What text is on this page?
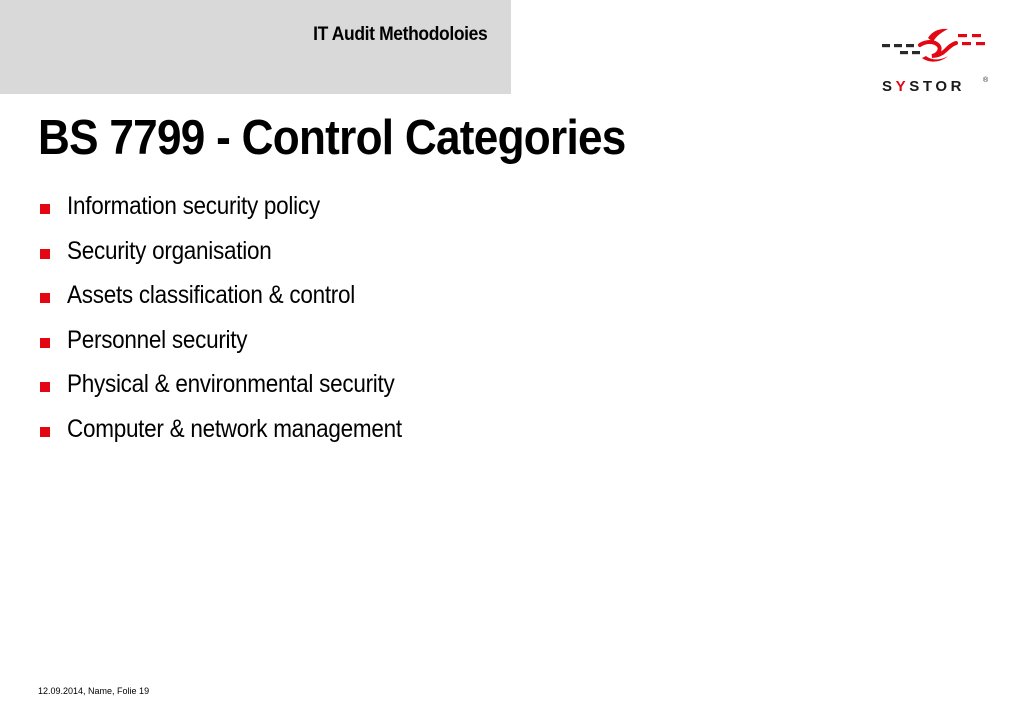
IT Audit Methodoloies
SYSTOR	®
BS 7799 - Control Categories
Information security policy
Security organisation
Assets classification & control
Personnel security
Physical & environmental security
Computer & network management
12.09.2014, Name, Folie 19
